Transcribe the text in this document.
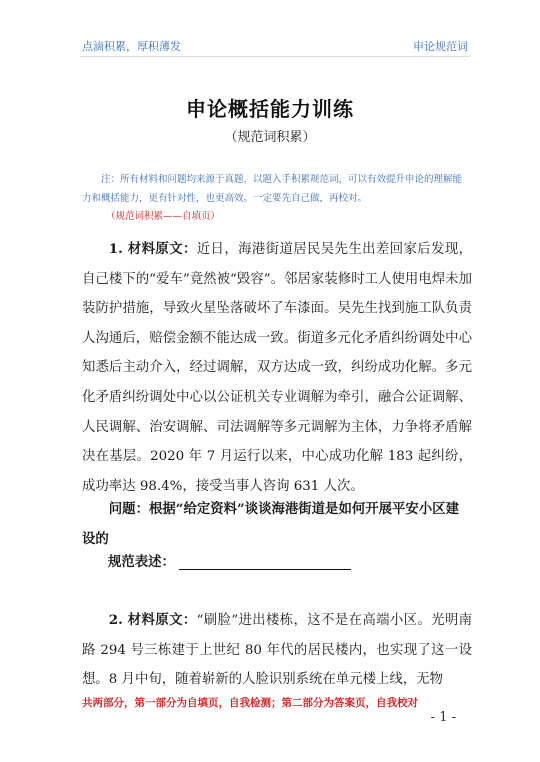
点滴积累，厚积薄发	申论规范词
申论概括能力训练
（规范词积累）
注：所有材料和问题均来源于真题，以题入手积累规范词，可以有效提升申论的理解能力和概括能力，更有针对性，也更高效。一定要先自己做，再校对。
（规范词积累——自填页）

1. 材料原文：近日，海港街道居民吴先生出差回家后发现，自己楼下的“爱车”竟然被“毁容”。邻居家装修时工人使用电焊未加装防护措施，导致火星坠落破坏了车漆面。吴先生找到施工队负责人沟通后，赔偿金额不能达成一致。街道多元化矛盾纠纷调处中心知悉后主动介入，经过调解，双方达成一致，纠纷成功化解。多元化矛盾纠纷调处中心以公证机关专业调解为牵引，融合公证调解、人民调解、治安调解、司法调解等多元调解为主体，力争将矛盾解决在基层。2020 年 7 月运行以来，中心成功化解 183 起纠纷，成功率达 98.4%，接受当事人咨询 631 人次。

问题：根据“给定资料”谈谈海港街道是如何开展平安小区建设的

规范表述：

2. 材料原文：“刷脸”进出楼栋，这不是在高端小区。光明南路 294 号三栋建于上世纪 80 年代的居民楼内，也实现了这一设想。8 月中旬，随着崭新的人脸识别系统在单元楼上线，无物

共两部分，第一部分为自填页，自我检测；第二部分为答案页，自我校对
- 1 -
